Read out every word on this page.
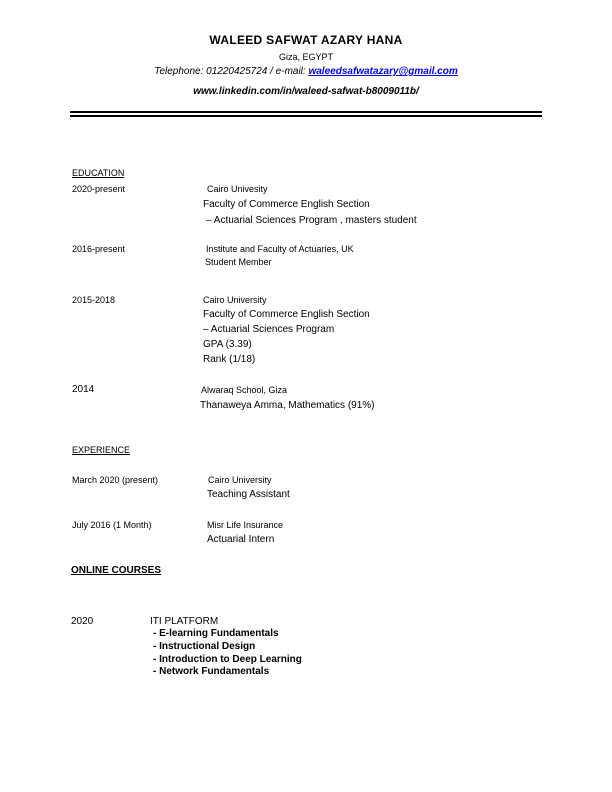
WALEED SAFWAT AZARY HANA
Giza, EGYPT
Telephone: 01220425724 / e-mail: waleedsafwatazary@gmail.com
www.linkedin.com/in/waleed-safwat-b8009011b/
EDUCATION
2020-present	Cairo Univesity
Faculty of Commerce English Section
– Actuarial Sciences Program , masters student
2016-present	Institute and Faculty of Actuaries, UK
Student Member
2015-2018	Cairo University
Faculty of Commerce English Section
– Actuarial Sciences Program
GPA (3.39)
Rank (1/18)
2014	Alwaraq School, Giza
Thanaweya Amma, Mathematics (91%)
EXPERIENCE
March 2020 (present)	Cairo University
Teaching Assistant
July 2016 (1 Month)	Misr Life Insurance
Actuarial Intern
ONLINE COURSES
2020	ITI PLATFORM
- E-learning Fundamentals
- Instructional Design
- Introduction to Deep Learning
- Network Fundamentals
